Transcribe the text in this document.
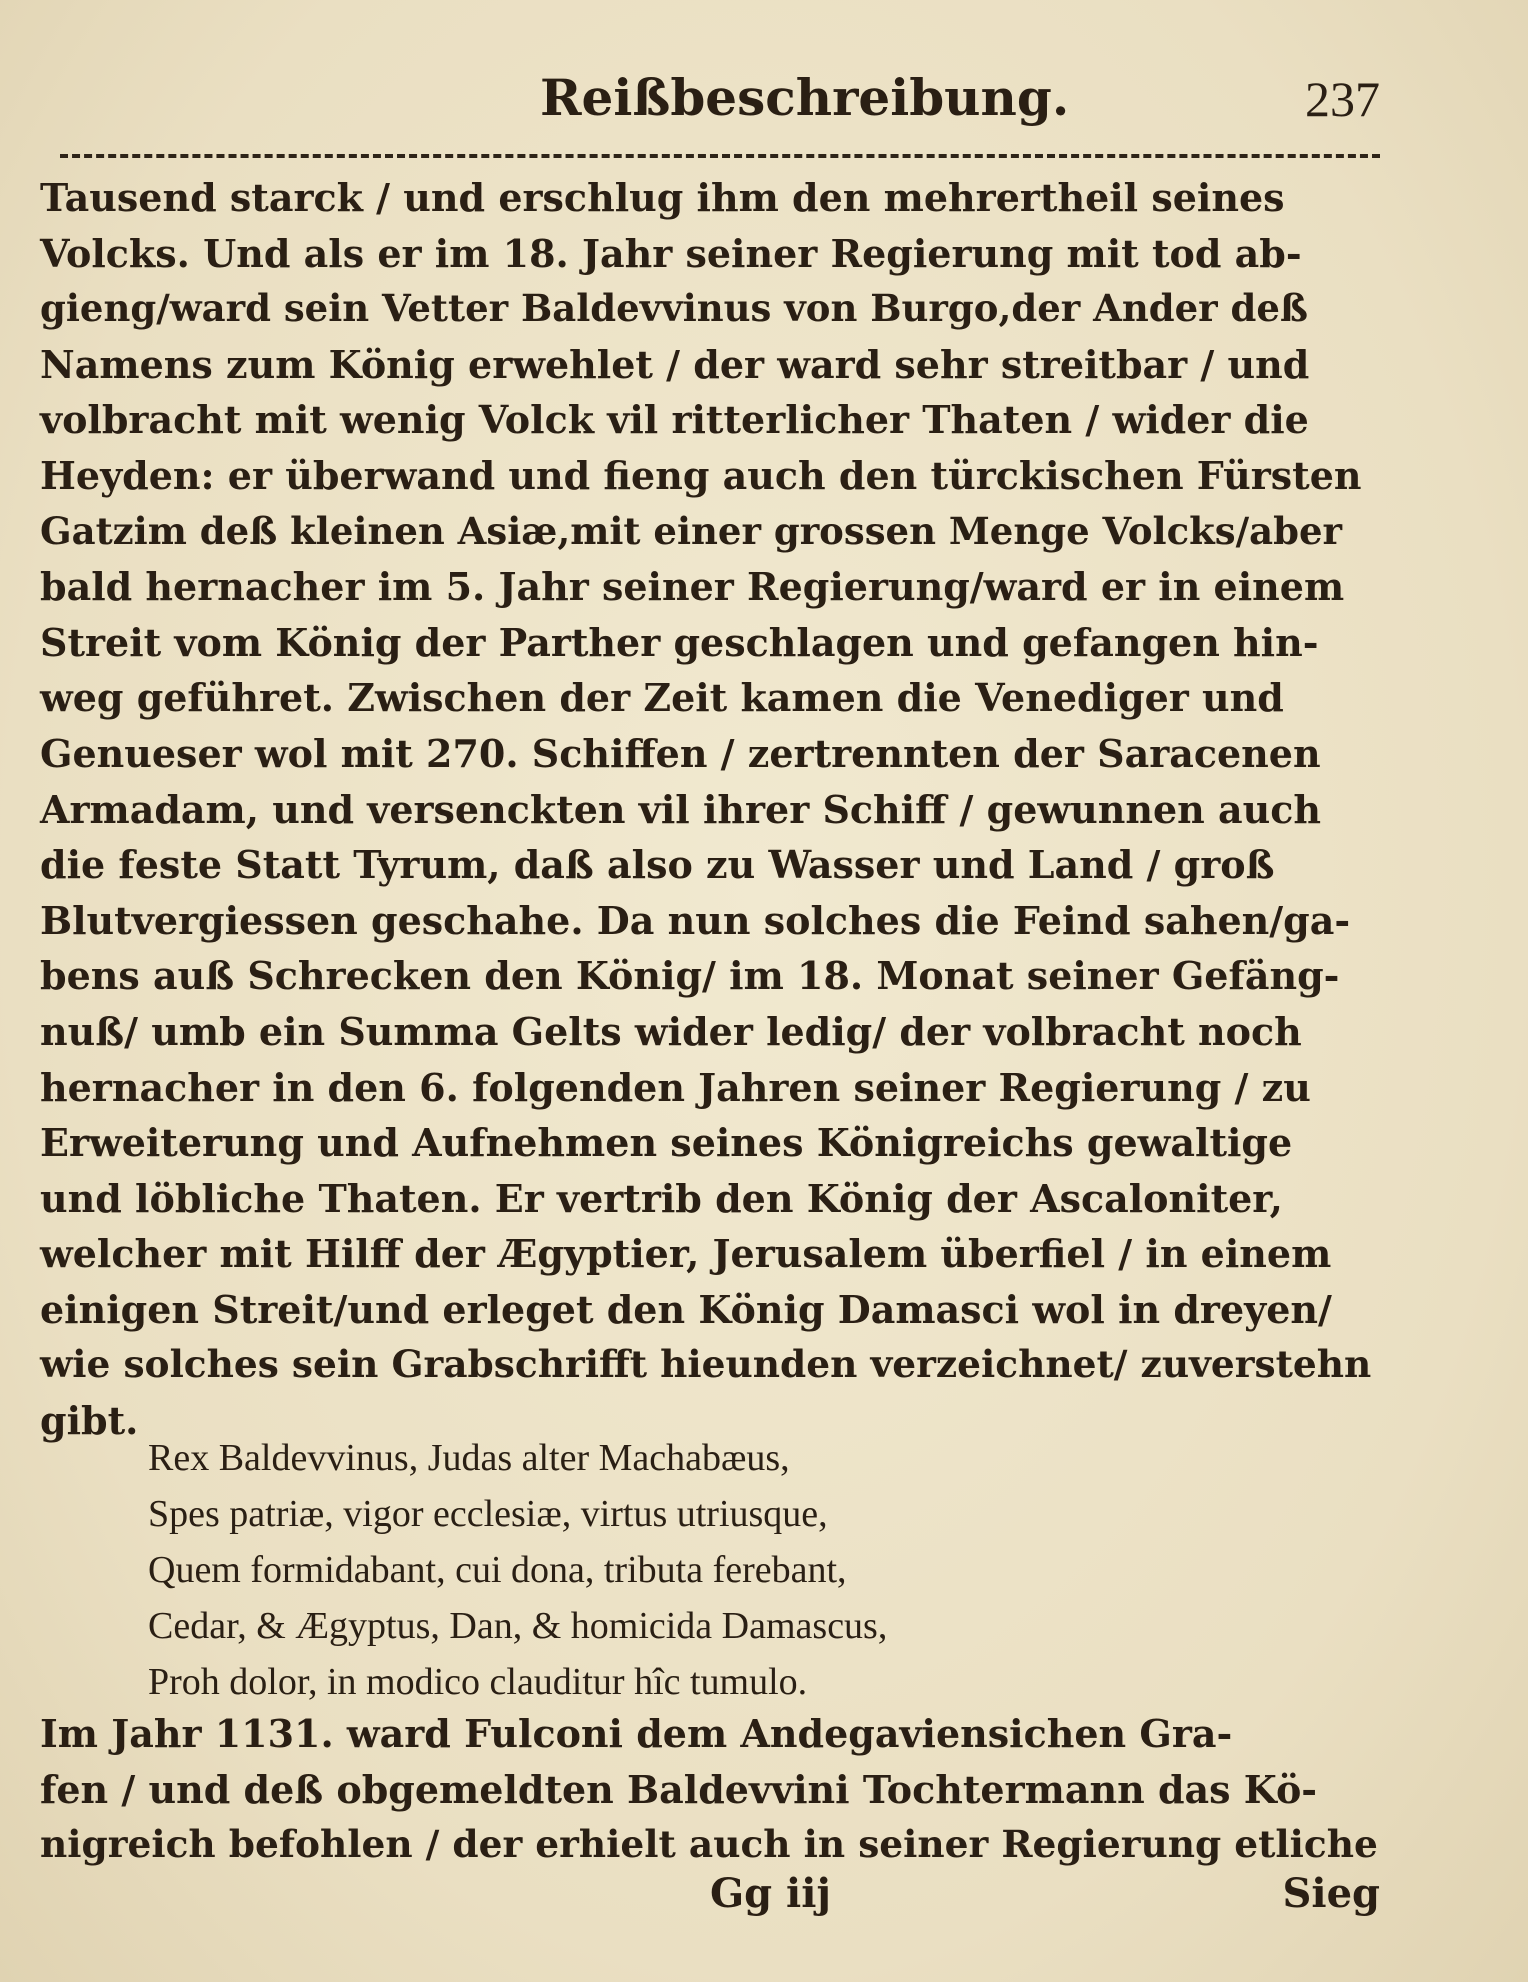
Reißbeschreibung.	237
Tausend starck / und erschlug ihm den mehrertheil seines
Volcks. Und als er im 18. Jahr seiner Regierung mit tod ab-
gieng/ward sein Vetter Baldevvinus von Burgo,der Ander deß
Namens zum König erwehlet / der ward sehr streitbar / und
volbracht mit wenig Volck vil ritterlicher Thaten / wider die
Heyden: er überwand und fieng auch den türckischen Fürsten
Gatzim deß kleinen Asiæ,mit einer grossen Menge Volcks/aber
bald hernacher im 5. Jahr seiner Regierung/ward er in einem
Streit vom König der Parther geschlagen und gefangen hin-
weg geführet. Zwischen der Zeit kamen die Venediger und
Genueser wol mit 270. Schiffen / zertrennten der Saracenen
Armadam, und versenckten vil ihrer Schiff / gewunnen auch
die feste Statt Tyrum, daß also zu Wasser und Land / groß
Blutvergiessen geschahe. Da nun solches die Feind sahen/ga-
bens auß Schrecken den König/ im 18. Monat seiner Gefäng-
nuß/ umb ein Summa Gelts wider ledig/ der volbracht noch
hernacher in den 6. folgenden Jahren seiner Regierung / zu
Erweiterung und Aufnehmen seines Königreichs gewaltige
und löbliche Thaten. Er vertrib den König der Ascaloniter,
welcher mit Hilff der Ægyptier, Jerusalem überfiel / in einem
einigen Streit/und erleget den König Damasci wol in dreyen/
wie solches sein Grabschrifft hieunden verzeichnet/ zuverstehn
gibt.
Rex Baldevvinus, Judas alter Machabæus,
Spes patriæ, vigor ecclesiæ, virtus utriusque,
Quem formidabant, cui dona, tributa ferebant,
Cedar, & Ægyptus, Dan, & homicida Damascus,
Proh dolor, in modico clauditur hîc tumulo.
Im Jahr 1131. ward Fulconi dem Andegaviensichen Gra-
fen / und deß obgemeldten Baldevvini Tochtermann das Kö-
nigreich befohlen / der erhielt auch in seiner Regierung etliche
Gg iij	Sieg
